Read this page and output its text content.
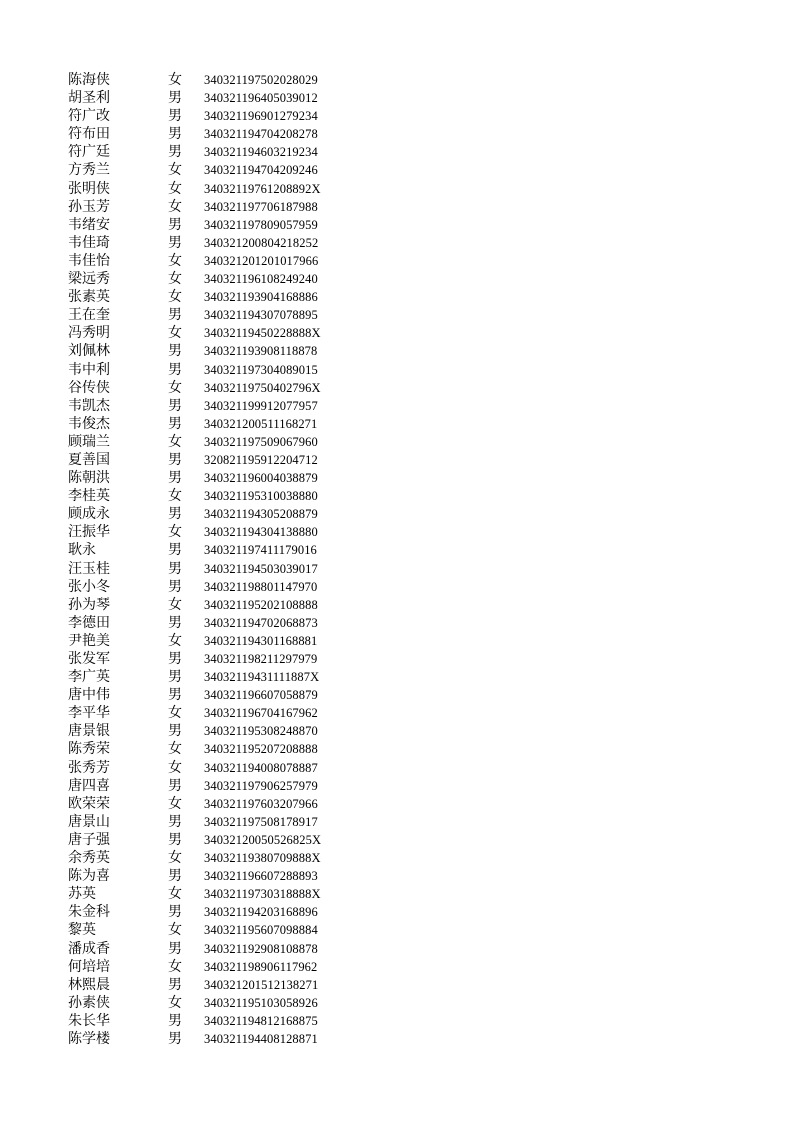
陈海侠	女	340321197502028029
胡圣利	男	340321196405039012
符广改	男	340321196901279234
符布田	男	340321194704208278
符广廷	男	340321194603219234
方秀兰	女	340321194704209246
张明侠	女	34032119761208892X
孙玉芳	女	340321197706187988
韦绪安	男	340321197809057959
韦佳琦	男	340321200804218252
韦佳怡	女	340321201201017966
梁远秀	女	340321196108249240
张素英	女	340321193904168886
王在奎	男	340321194307078895
冯秀明	女	34032119450228888X
刘佩林	男	340321193908118878
韦中利	男	340321197304089015
谷传侠	女	34032119750402796X
韦凯杰	男	340321199912077957
韦俊杰	男	340321200511168271
顾瑞兰	女	340321197509067960
夏善国	男	320821195912204712
陈朝洪	男	340321196004038879
李桂英	女	340321195310038880
顾成永	男	340321194305208879
汪振华	女	340321194304138880
耿永	男	340321197411179016
汪玉桂	男	340321194503039017
张小冬	男	340321198801147970
孙为琴	女	340321195202108888
李德田	男	340321194702068873
尹艳美	女	340321194301168881
张发军	男	340321198211297979
李广英	男	34032119431111887X
唐中伟	男	340321196607058879
李平华	女	340321196704167962
唐景银	男	340321195308248870
陈秀荣	女	340321195207208888
张秀芳	女	340321194008078887
唐四喜	男	340321197906257979
欧荣荣	女	340321197603207966
唐景山	男	340321197508178917
唐子强	男	34032120050526825X
余秀英	女	34032119380709888X
陈为喜	男	340321196607288893
苏英	女	34032119730318888X
朱金科	男	340321194203168896
黎英	女	340321195607098884
潘成香	男	340321192908108878
何培培	女	340321198906117962
林熙晨	男	340321201512138271
孙素侠	女	340321195103058926
朱长华	男	340321194812168875
陈学楼	男	340321194408128871
